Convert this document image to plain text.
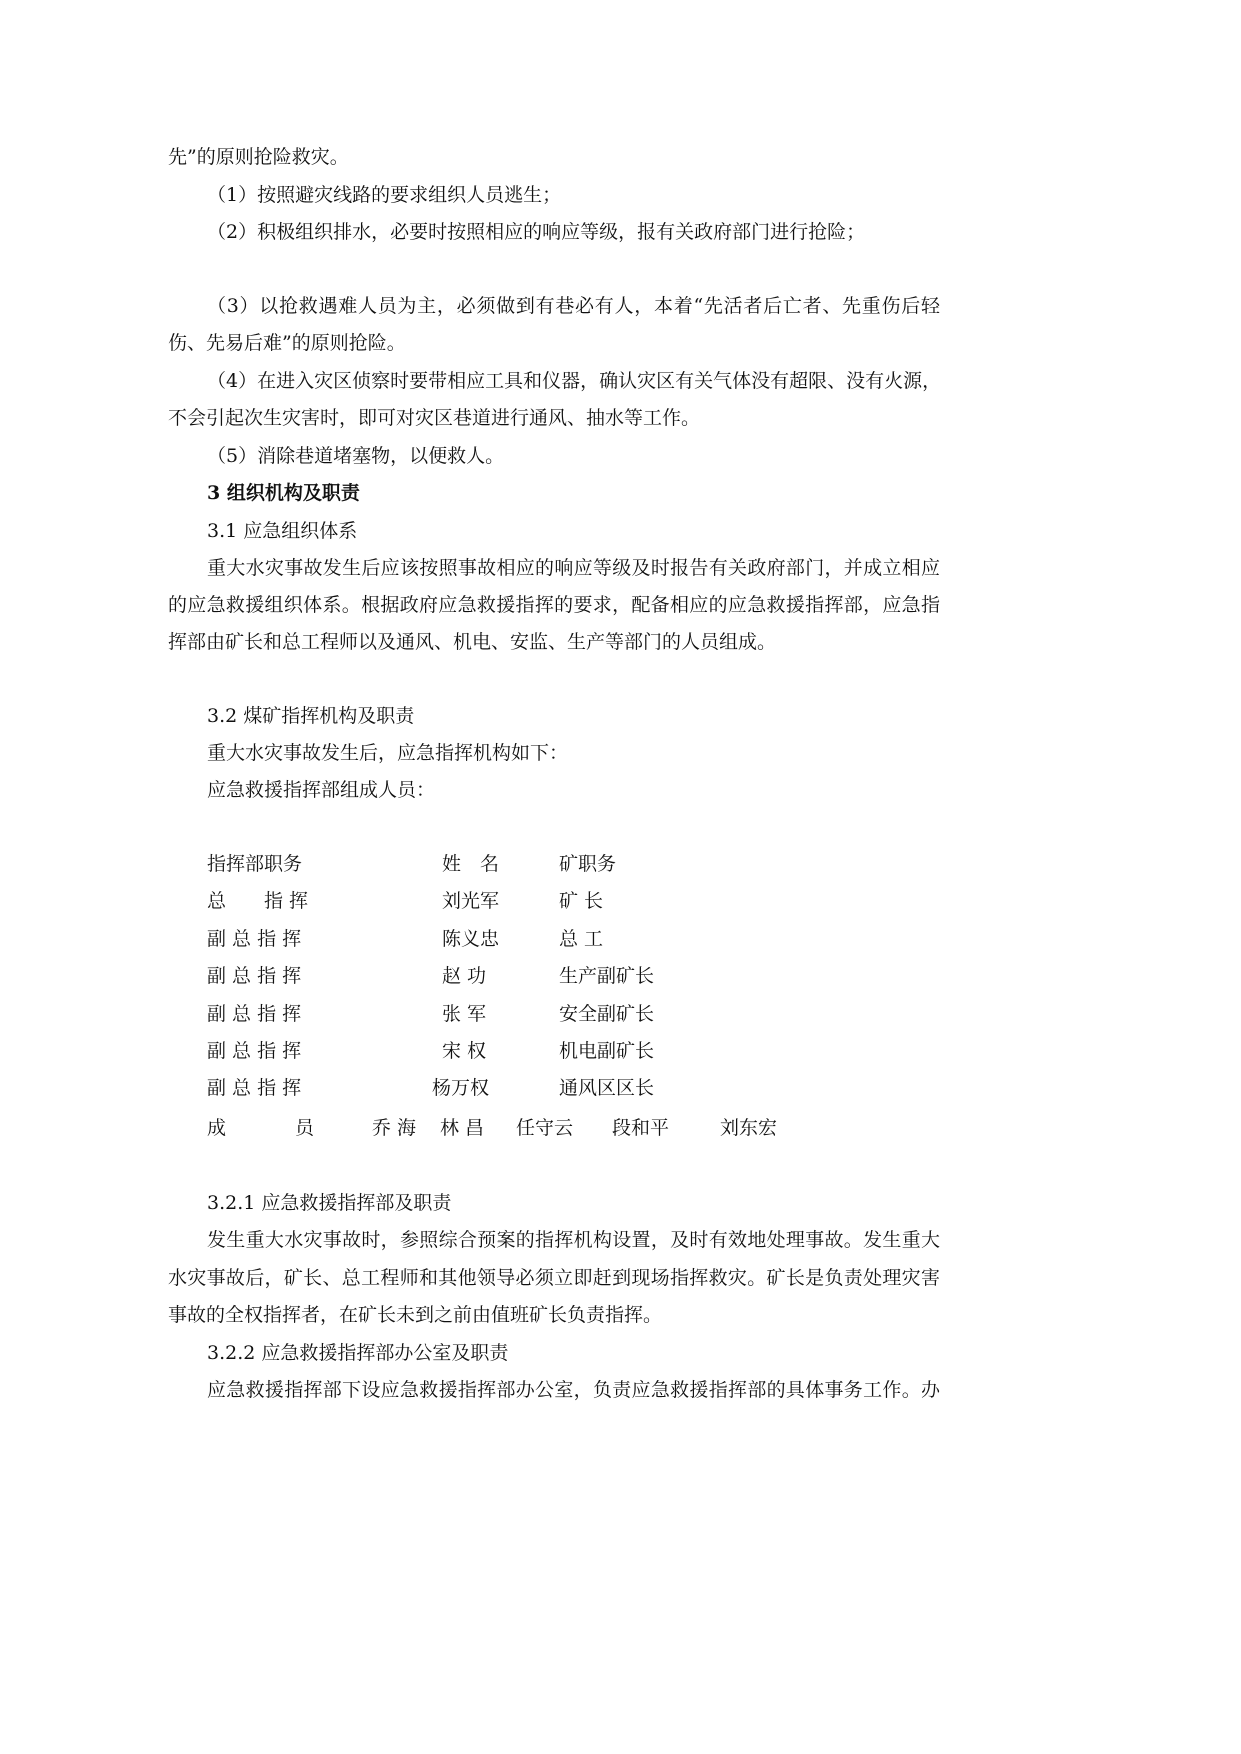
先”的原则抢险救灾。
（1）按照避灾线路的要求组织人员逃生；
（2）积极组织排水，必要时按照相应的响应等级，报有关政府部门进行抢险；
（3）以抢救遇难人员为主，必须做到有巷必有人，本着“先活者后亡者、先重伤后轻
伤、先易后难”的原则抢险。
（4）在进入灾区侦察时要带相应工具和仪器，确认灾区有关气体没有超限、没有火源，
不会引起次生灾害时，即可对灾区巷道进行通风、抽水等工作。
（5）消除巷道堵塞物，以便救人。
3 组织机构及职责
3.1 应急组织体系
重大水灾事故发生后应该按照事故相应的响应等级及时报告有关政府部门，并成立相应
的应急救援组织体系。根据政府应急救援指挥的要求，配备相应的应急救援指挥部，应急指
挥部由矿长和总工程师以及通风、机电、安监、生产等部门的人员组成。
3.2 煤矿指挥机构及职责
重大水灾事故发生后，应急指挥机构如下：
应急救援指挥部组成人员：
指挥部职务	姓　名	矿职务
总　　指 挥	刘光军	矿 长
副 总 指 挥	陈义忠	总 工
副 总 指 挥	赵 功	生产副矿长
副 总 指 挥	张 军	安全副矿长
副 总 指 挥	宋 权	机电副矿长
副 总 指 挥	杨万权	通风区区长
成	员	乔 海 林 昌 任守云 段和平	刘东宏
3.2.1 应急救援指挥部及职责
发生重大水灾事故时，参照综合预案的指挥机构设置，及时有效地处理事故。发生重大
水灾事故后，矿长、总工程师和其他领导必须立即赶到现场指挥救灾。矿长是负责处理灾害
事故的全权指挥者，在矿长未到之前由值班矿长负责指挥。
3.2.2 应急救援指挥部办公室及职责
应急救援指挥部下设应急救援指挥部办公室，负责应急救援指挥部的具体事务工作。办
